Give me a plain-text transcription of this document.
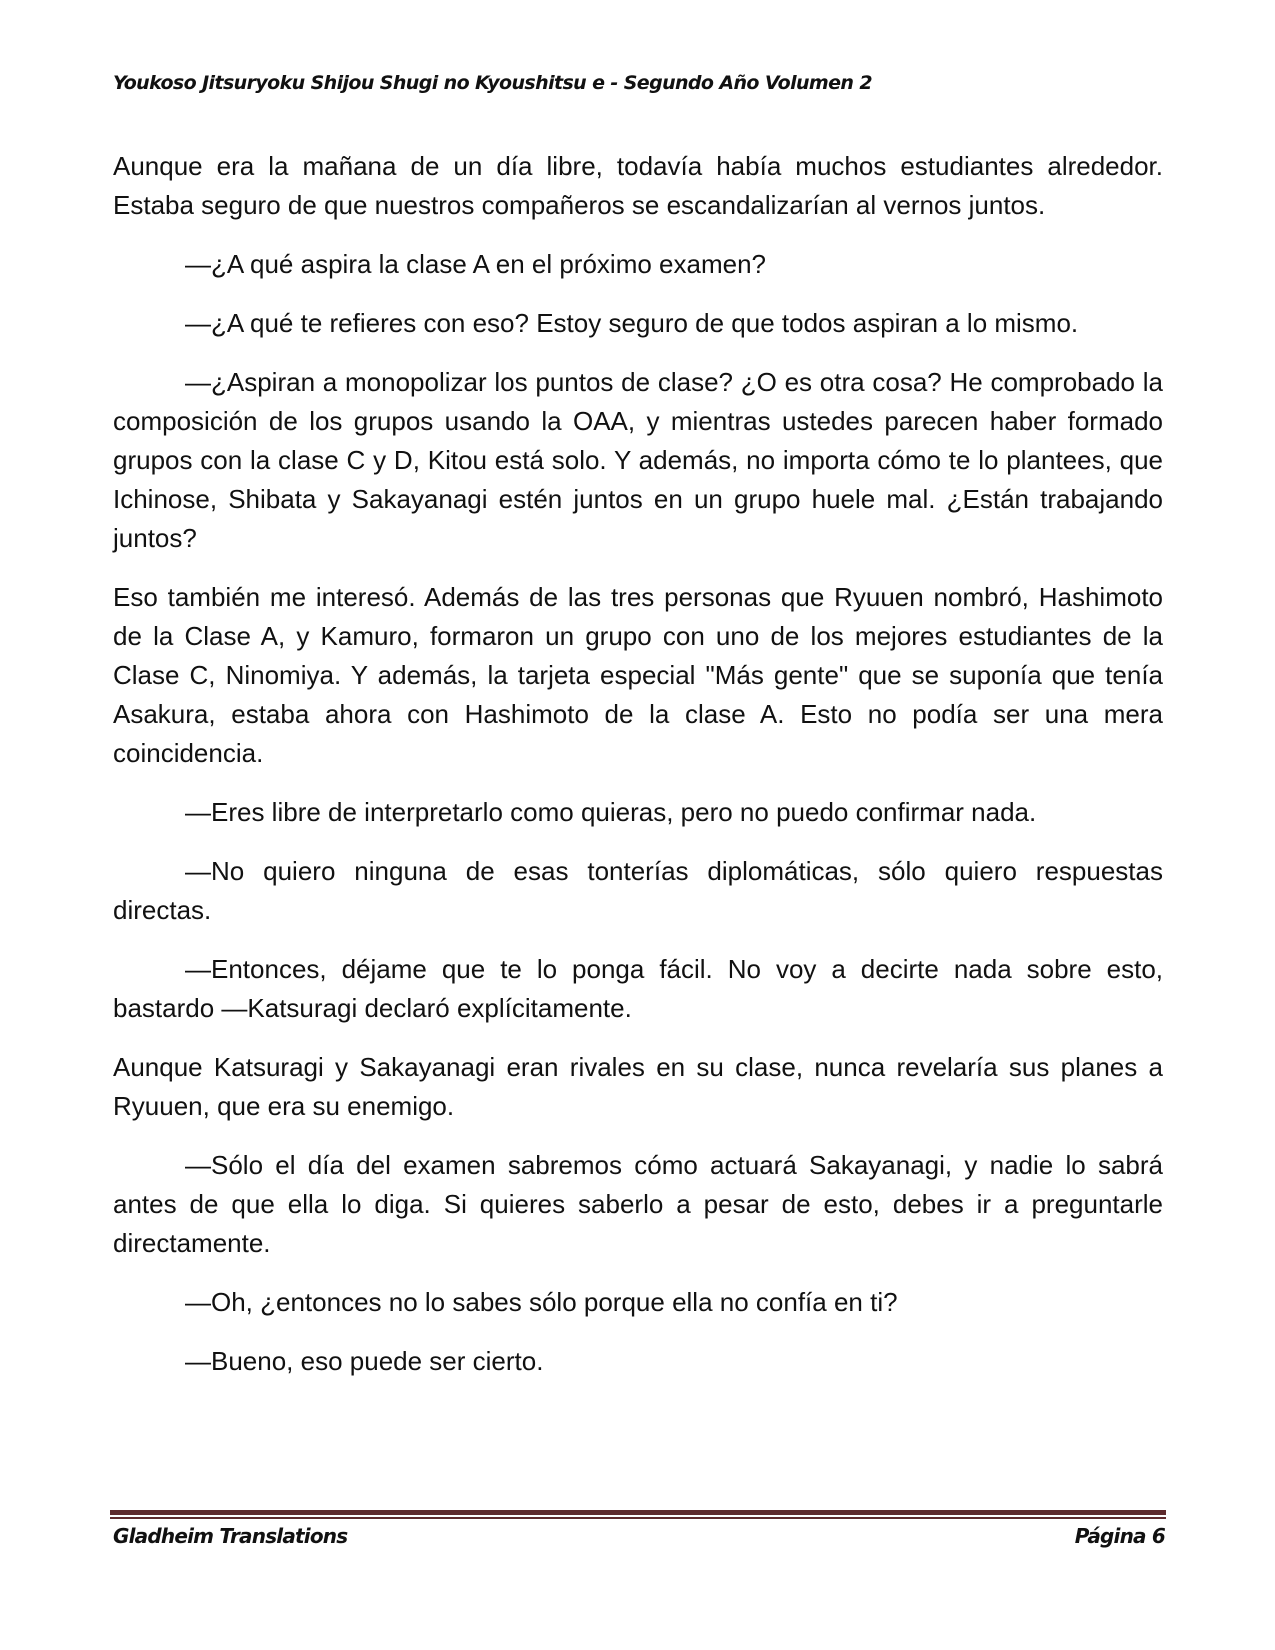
Youkoso Jitsuryoku Shijou Shugi no Kyoushitsu e - Segundo Año Volumen 2

Aunque era la mañana de un día libre, todavía había muchos estudiantes alrededor. Estaba seguro de que nuestros compañeros se escandalizarían al vernos juntos.

—¿A qué aspira la clase A en el próximo examen?

—¿A qué te refieres con eso? Estoy seguro de que todos aspiran a lo mismo.

—¿Aspiran a monopolizar los puntos de clase? ¿O es otra cosa? He comprobado la composición de los grupos usando la OAA, y mientras ustedes parecen haber formado grupos con la clase C y D, Kitou está solo. Y además, no importa cómo te lo plantees, que Ichinose, Shibata y Sakayanagi estén juntos en un grupo huele mal. ¿Están trabajando juntos?

Eso también me interesó. Además de las tres personas que Ryuuen nombró, Hashimoto de la Clase A, y Kamuro, formaron un grupo con uno de los mejores estudiantes de la Clase C, Ninomiya. Y además, la tarjeta especial "Más gente" que se suponía que tenía Asakura, estaba ahora con Hashimoto de la clase A. Esto no podía ser una mera coincidencia.

—Eres libre de interpretarlo como quieras, pero no puedo confirmar nada.

—No quiero ninguna de esas tonterías diplomáticas, sólo quiero respuestas directas.

—Entonces, déjame que te lo ponga fácil. No voy a decirte nada sobre esto, bastardo —Katsuragi declaró explícitamente.

Aunque Katsuragi y Sakayanagi eran rivales en su clase, nunca revelaría sus planes a Ryuuen, que era su enemigo.

—Sólo el día del examen sabremos cómo actuará Sakayanagi, y nadie lo sabrá antes de que ella lo diga. Si quieres saberlo a pesar de esto, debes ir a preguntarle directamente.

—Oh, ¿entonces no lo sabes sólo porque ella no confía en ti?

—Bueno, eso puede ser cierto.

Gladheim Translations	Página 6
